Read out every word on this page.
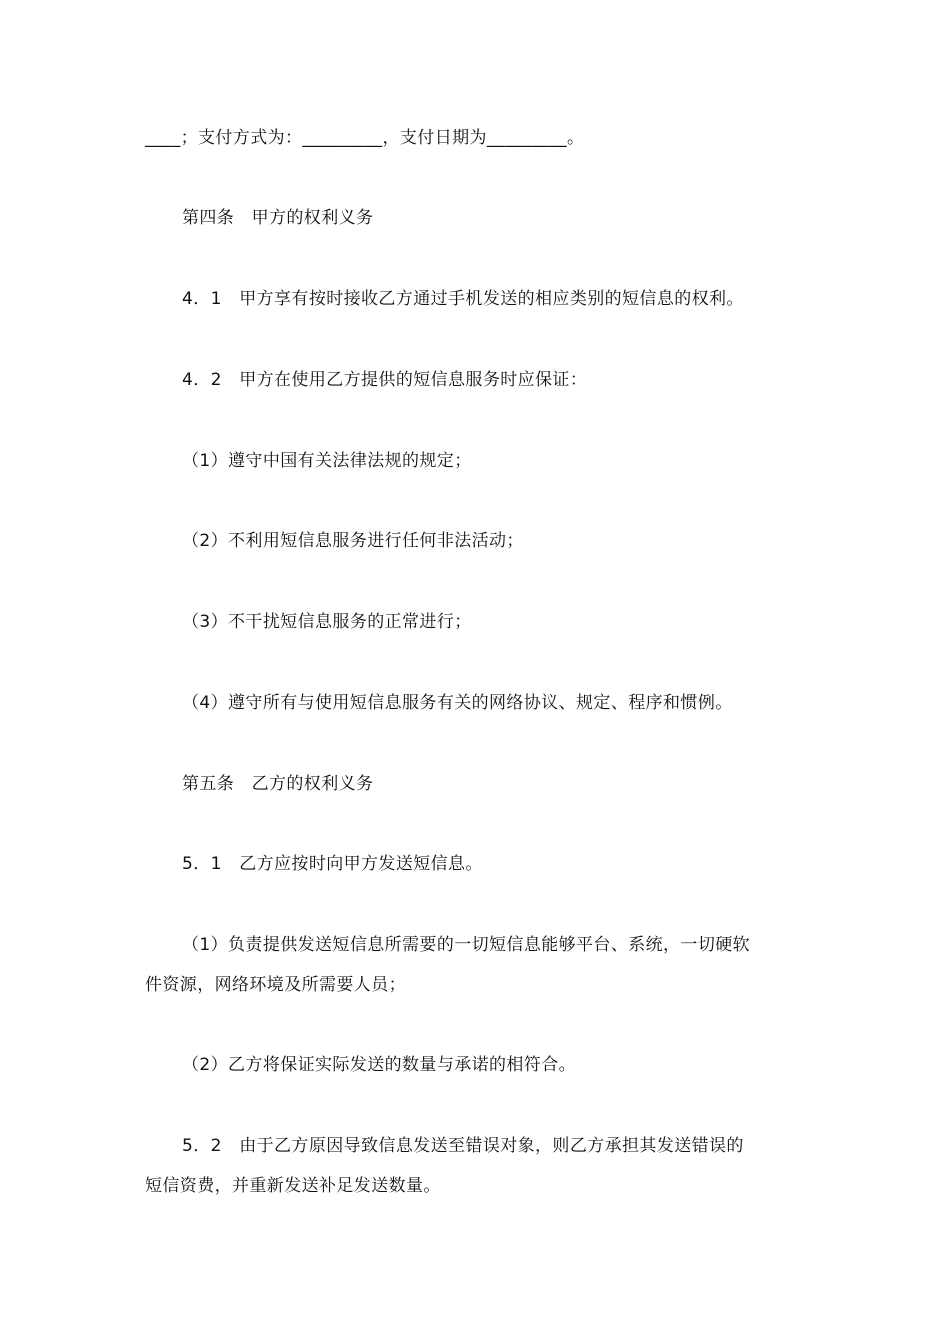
____；支付方式为：_________，支付日期为_________。
第四条　甲方的权利义务
4．1　甲方享有按时接收乙方通过手机发送的相应类别的短信息的权利。
4．2　甲方在使用乙方提供的短信息服务时应保证：
（1）遵守中国有关法律法规的规定；
（2）不利用短信息服务进行任何非法活动；
（3）不干扰短信息服务的正常进行；
（4）遵守所有与使用短信息服务有关的网络协议、规定、程序和惯例。
第五条　乙方的权利义务
5．1　乙方应按时向甲方发送短信息。
（1）负责提供发送短信息所需要的一切短信息能够平台、系统，一切硬软
件资源，网络环境及所需要人员；
（2）乙方将保证实际发送的数量与承诺的相符合。
5．2　由于乙方原因导致信息发送至错误对象，则乙方承担其发送错误的
短信资费，并重新发送补足发送数量。
